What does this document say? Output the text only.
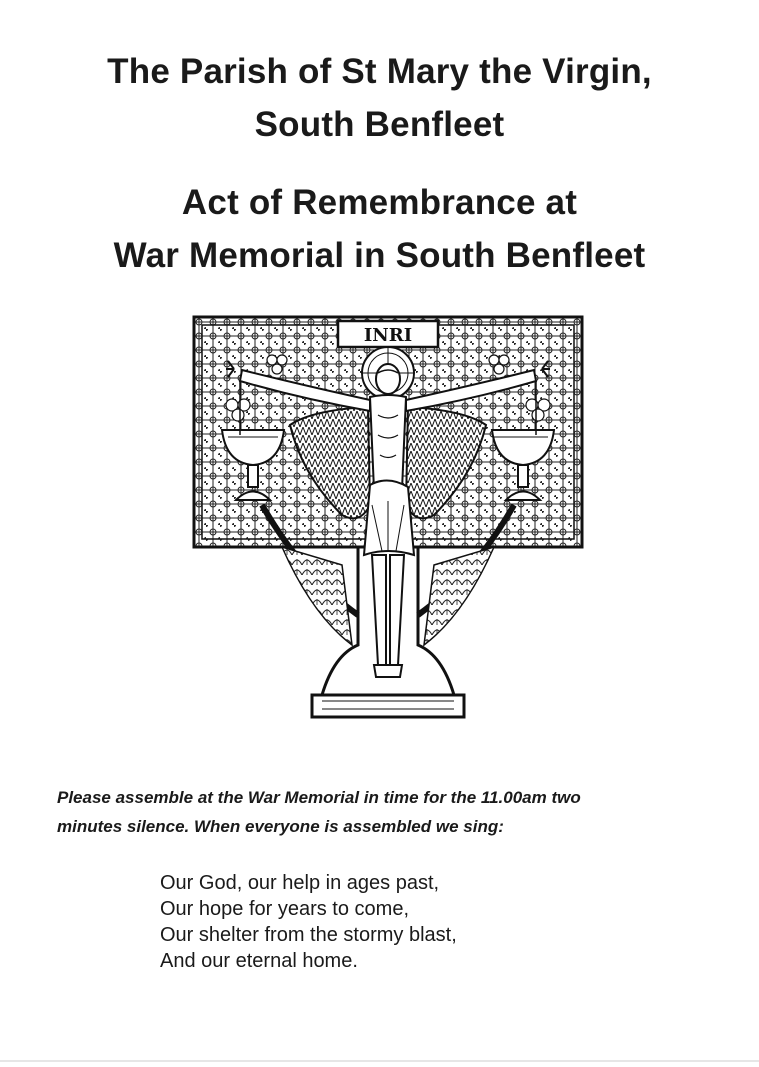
The Parish of St Mary the Virgin,
South Benfleet
Act of Remembrance at
War Memorial in South Benfleet
INRI

Please assemble at the War Memorial in time for the 11.00am two
minutes silence. When everyone is assembled we sing:

Our God, our help in ages past,
Our hope for years to come,
Our shelter from the stormy blast,
And our eternal home.
